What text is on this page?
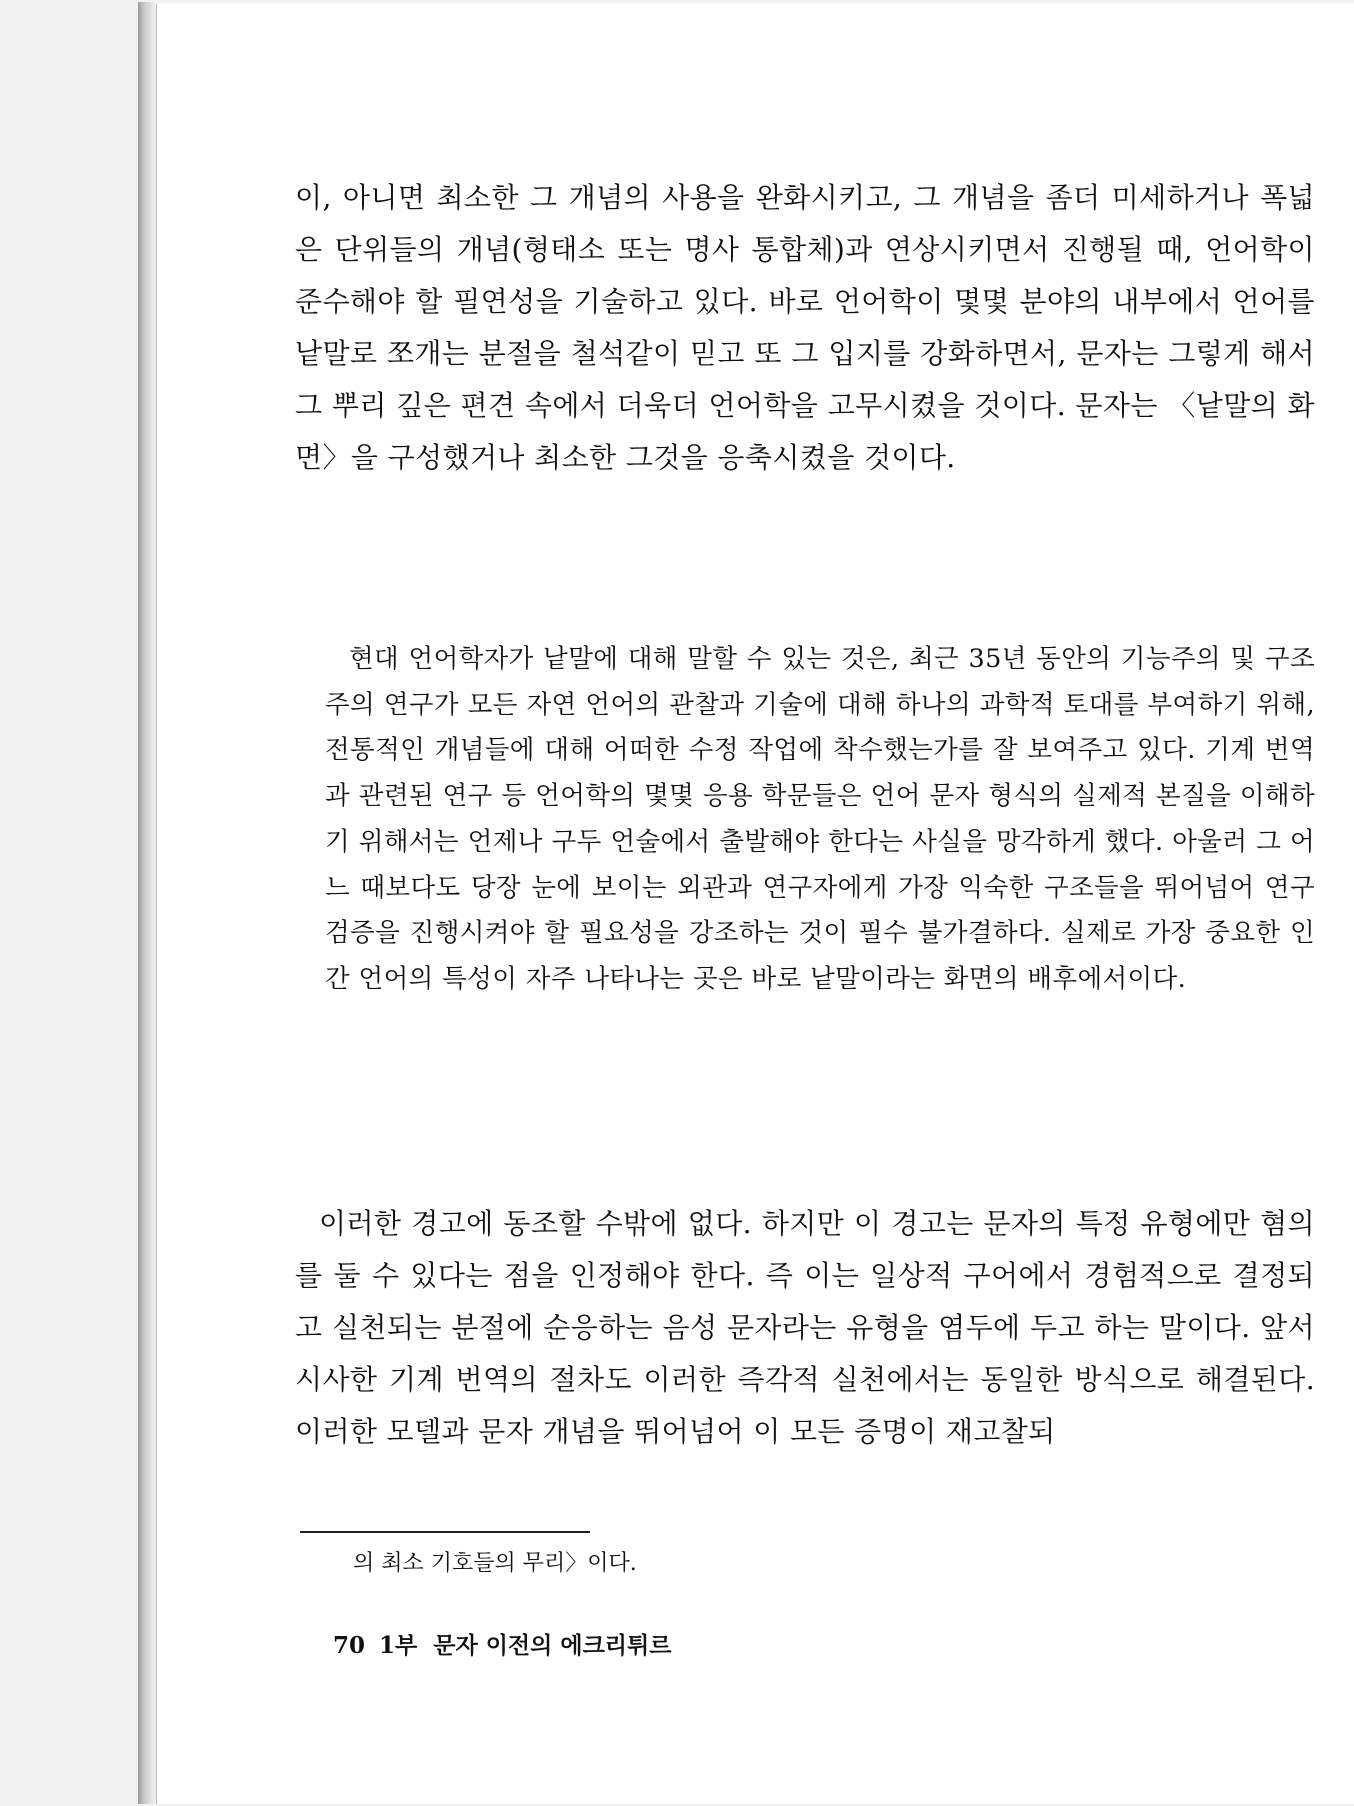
이, 아니면 최소한 그 개념의 사용을 완화시키고, 그 개념을 좀더 미세하거나 폭넓은 단위들의 개념(형태소 또는 명사 통합체)과 연상시키면서 진행될 때, 언어학이 준수해야 할 필연성을 기술하고 있다. 바로 언어학이 몇몇 분야의 내부에서 언어를 낱말로 쪼개는 분절을 철석같이 믿고 또 그 입지를 강화하면서, 문자는 그렇게 해서 그 뿌리 깊은 편견 속에서 더욱더 언어학을 고무시켰을 것이다. 문자는 〈낱말의 화면〉을 구성했거나 최소한 그것을 응축시켰을 것이다.

현대 언어학자가 낱말에 대해 말할 수 있는 것은, 최근 35년 동안의 기능주의 및 구조주의 연구가 모든 자연 언어의 관찰과 기술에 대해 하나의 과학적 토대를 부여하기 위해, 전통적인 개념들에 대해 어떠한 수정 작업에 착수했는가를 잘 보여주고 있다. 기계 번역과 관련된 연구 등 언어학의 몇몇 응용 학문들은 언어 문자 형식의 실제적 본질을 이해하기 위해서는 언제나 구두 언술에서 출발해야 한다는 사실을 망각하게 했다. 아울러 그 어느 때보다도 당장 눈에 보이는 외관과 연구자에게 가장 익숙한 구조들을 뛰어넘어 연구 검증을 진행시켜야 할 필요성을 강조하는 것이 필수 불가결하다. 실제로 가장 중요한 인간 언어의 특성이 자주 나타나는 곳은 바로 낱말이라는 화면의 배후에서이다.

이러한 경고에 동조할 수밖에 없다. 하지만 이 경고는 문자의 특정 유형에만 혐의를 둘 수 있다는 점을 인정해야 한다. 즉 이는 일상적 구어에서 경험적으로 결정되고 실천되는 분절에 순응하는 음성 문자라는 유형을 염두에 두고 하는 말이다. 앞서 시사한 기계 번역의 절차도 이러한 즉각적 실천에서는 동일한 방식으로 해결된다. 이러한 모델과 문자 개념을 뛰어넘어 이 모든 증명이 재고찰되

의 최소 기호들의 무리〉이다.

70 1부 문자 이전의 에크리튀르
